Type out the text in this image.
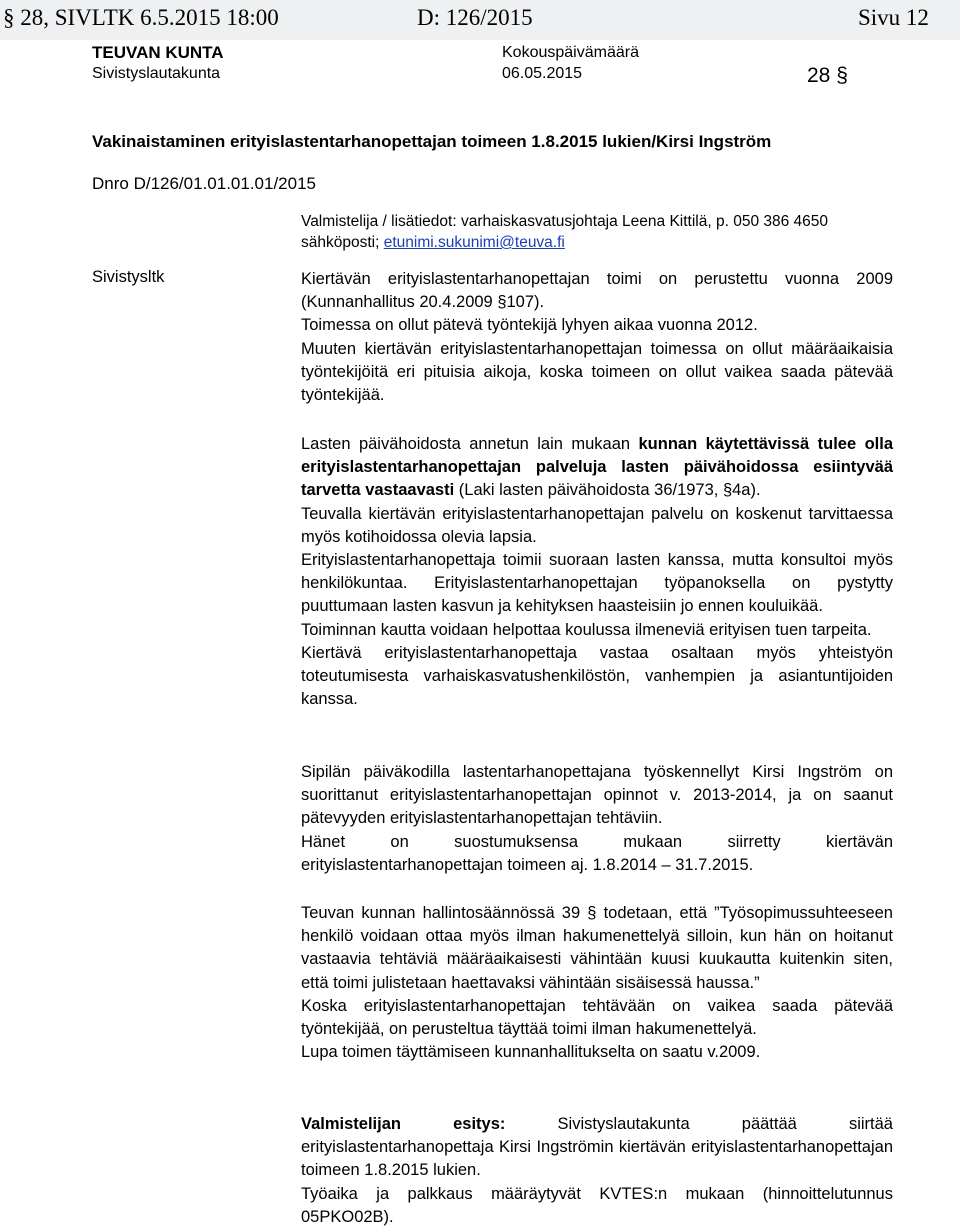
§ 28, SIVLTK 6.5.2015 18:00	D: 126/2015	Sivu 12
TEUVAN KUNTA
Sivistyslautakunta
Kokouspäivämäärä
06.05.2015	28 §
Vakinaistaminen erityislastentarhanopettajan toimeen 1.8.2015 lukien/Kirsi Ingström
Dnro D/126/01.01.01.01/2015
Valmistelija / lisätiedot: varhaiskasvatusjohtaja Leena Kittilä, p. 050 386 4650
sähköposti; etunimi.sukunimi@teuva.fi
Sivistysltk	Kiertävän erityislastentarhanopettajan toimi on perustettu vuonna 2009 (Kunnanhallitus 20.4.2009 §107).

Toimessa on ollut pätevä työntekijä lyhyen aikaa vuonna 2012.

Muuten kiertävän erityislastentarhanopettajan toimessa on ollut määräaikaisia työntekijöitä eri pituisia aikoja, koska toimeen on ollut vaikea saada pätevää työntekijää.

Lasten päivähoidosta annetun lain mukaan kunnan käytettävissä tulee olla erityislastentarhanopettajan palveluja lasten päivähoidossa esiintyvää tarvetta vastaavasti (Laki lasten päivähoidosta 36/1973, §4a).

Teuvalla kiertävän erityislastentarhanopettajan palvelu on koskenut tarvittaessa myös kotihoidossa olevia lapsia.

Erityislastentarhanopettaja toimii suoraan lasten kanssa, mutta konsultoi myös henkilökuntaa. Erityislastentarhanopettajan työpanoksella on pystytty puuttumaan lasten kasvun ja kehityksen haasteisiin jo ennen kouluikää.

Toiminnan kautta voidaan helpottaa koulussa ilmeneviä erityisen tuen tarpeita.

Kiertävä erityislastentarhanopettaja vastaa osaltaan myös yhteistyön toteutumisesta varhaiskasvatushenkilöstön, vanhempien ja asiantuntijoiden kanssa.

Sipilän päiväkodilla lastentarhanopettajana työskennellyt Kirsi Ingström on suorittanut erityislastentarhanopettajan opinnot v. 2013-2014, ja on saanut pätevyyden erityislastentarhanopettajan tehtäviin.

Hänet on suostumuksensa mukaan siirretty kiertävän erityislastentarhanopettajan toimeen aj. 1.8.2014 – 31.7.2015.

Teuvan kunnan hallintosäännössä 39 § todetaan, että ”Työsopimussuhteeseen henkilö voidaan ottaa myös ilman hakumenettelyä silloin, kun hän on hoitanut vastaavia tehtäviä määräaikaisesti vähintään kuusi kuukautta kuitenkin siten, että toimi julistetaan haettavaksi vähintään sisäisessä haussa.”

Koska erityislastentarhanopettajan tehtävään on vaikea saada pätevää työntekijää, on perusteltua täyttää toimi ilman hakumenettelyä.

Lupa toimen täyttämiseen kunnanhallitukselta on saatu v.2009.

Valmistelijan esitys: Sivistyslautakunta päättää siirtää erityislastentarhanopettaja Kirsi Ingströmin kiertävän erityislastentarhanopettajan toimeen 1.8.2015 lukien.

Työaika ja palkkaus määräytyvät KVTES:n mukaan (hinnoittelutunnus 05PKO02B).
